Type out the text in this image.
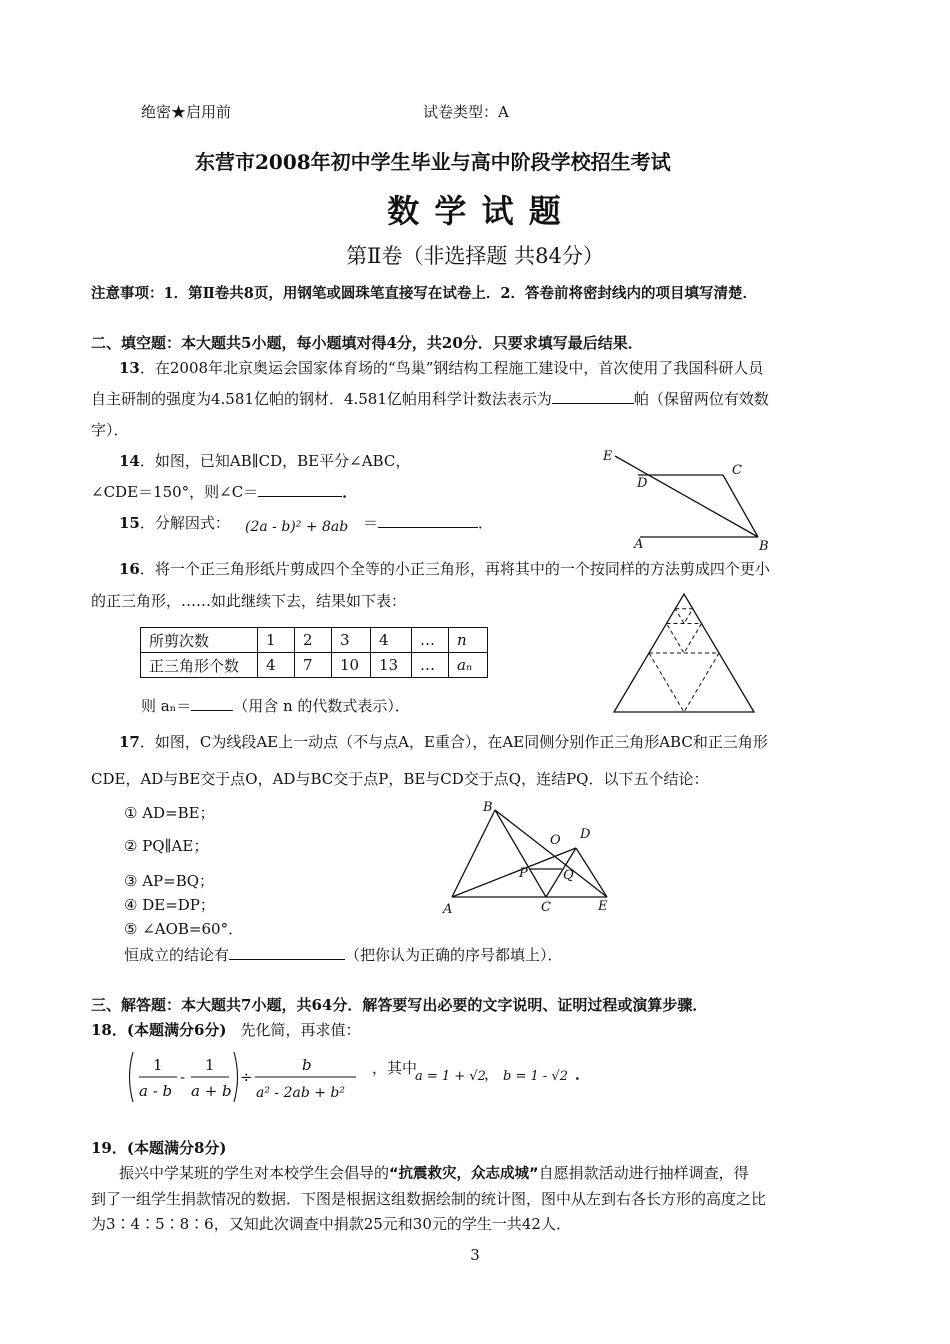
绝密★启用前	试卷类型：A
东营市2008年初中学生毕业与高中阶段学校招生考试
数 学 试 题
第Ⅱ卷（非选择题 共84分）
注意事项：1．第Ⅱ卷共8页，用钢笔或圆珠笔直接写在试卷上．2．答卷前将密封线内的项目填写清楚．
二、填空题：本大题共5小题，每小题填对得4分，共20分．只要求填写最后结果．
13．在2008年北京奥运会国家体育场的“鸟巢”钢结构工程施工建设中，首次使用了我国科研人员
自主研制的强度为4.581亿帕的钢材．4.581亿帕用科学计数法表示为	帕（保留两位有效数
字）．
14．如图，已知AB∥CD，BE平分∠ABC，
∠CDE＝150°，则∠C＝	．
E
D
C
A	B
15．分解因式： (2a - b)² + 8ab ＝	．
16．将一个正三角形纸片剪成四个全等的小正三角形，再将其中的一个按同样的方法剪成四个更小
的正三角形，……如此继续下去，结果如下表：
所剪次数	1	2	3	4	…	n
正三角形个数	4	7	10	13	…	aₙ
则 aₙ＝	（用含 n 的代数式表示）．
17．如图，C为线段AE上一动点（不与点A，E重合），在AE同侧分别作正三角形ABC和正三角形
CDE，AD与BE交于点O，AD与BC交于点P，BE与CD交于点Q，连结PQ．以下五个结论：
① AD=BE；
② PQ∥AE；
③ AP=BQ；
④ DE=DP；
⑤ ∠AOB=60°．
恒成立的结论有	（把你认为正确的序号都填上）．
B
O D
P	Q
A	C	E
三、解答题：本大题共7小题，共64分．解答要写出必要的文字说明、证明过程或演算步骤．
18．(本题满分6分) 先化简，再求值：
1
a - b
-
1
a + b
÷
b
a² - 2ab + b²
，其中
a = 1 + √2
， b = 1 - √2 ．
19．(本题满分8分)
振兴中学某班的学生对本校学生会倡导的“抗震救灾，众志成城”自愿捐款活动进行抽样调查，得
到了一组学生捐款情况的数据．下图是根据这组数据绘制的统计图，图中从左到右各长方形的高度之比
为3∶4∶5∶8∶6，又知此次调查中捐款25元和30元的学生一共42人．
3
